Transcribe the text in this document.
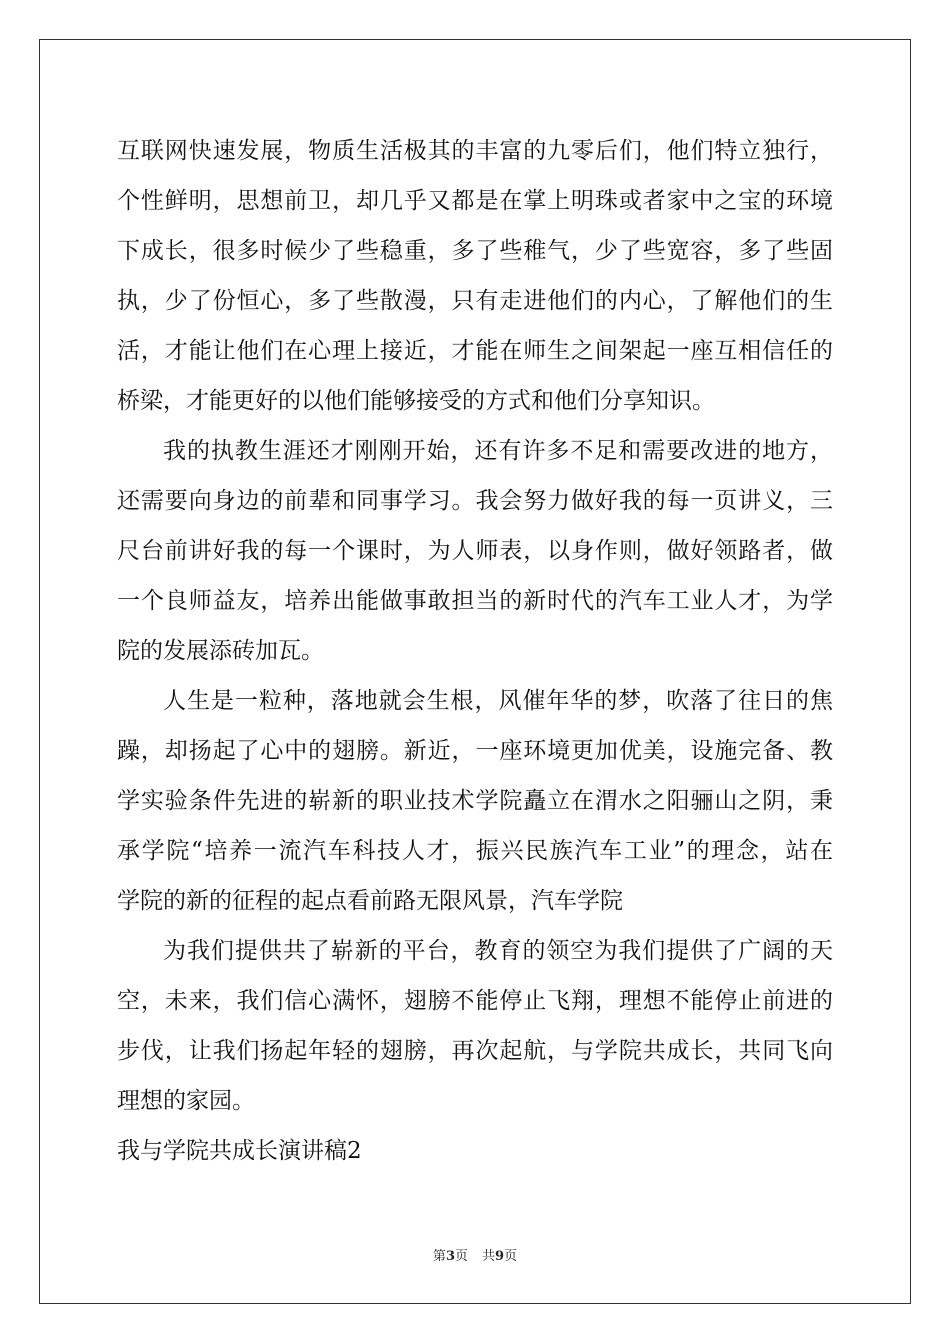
互联网快速发展，物质生活极其的丰富的九零后们，他们特立独行，
个性鲜明，思想前卫，却几乎又都是在掌上明珠或者家中之宝的环境
下成长，很多时候少了些稳重，多了些稚气，少了些宽容，多了些固
执，少了份恒心，多了些散漫，只有走进他们的内心，了解他们的生
活，才能让他们在心理上接近，才能在师生之间架起一座互相信任的
桥梁，才能更好的以他们能够接受的方式和他们分享知识。
我的执教生涯还才刚刚开始，还有许多不足和需要改进的地方，
还需要向身边的前辈和同事学习。我会努力做好我的每一页讲义，三
尺台前讲好我的每一个课时，为人师表，以身作则，做好领路者，做
一个良师益友，培养出能做事敢担当的新时代的汽车工业人才，为学
院的发展添砖加瓦。
人生是一粒种，落地就会生根，风催年华的梦，吹落了往日的焦
躁，却扬起了心中的翅膀。新近，一座环境更加优美，设施完备、教
学实验条件先进的崭新的职业技术学院矗立在渭水之阳骊山之阴，秉
承学院“培养一流汽车科技人才，振兴民族汽车工业”的理念，站在
学院的新的征程的起点看前路无限风景，汽车学院
为我们提供共了崭新的平台，教育的领空为我们提供了广阔的天
空，未来，我们信心满怀，翅膀不能停止飞翔，理想不能停止前进的
步伐，让我们扬起年轻的翅膀，再次起航，与学院共成长，共同飞向
理想的家园。
我与学院共成长演讲稿2
第3页 共9页
